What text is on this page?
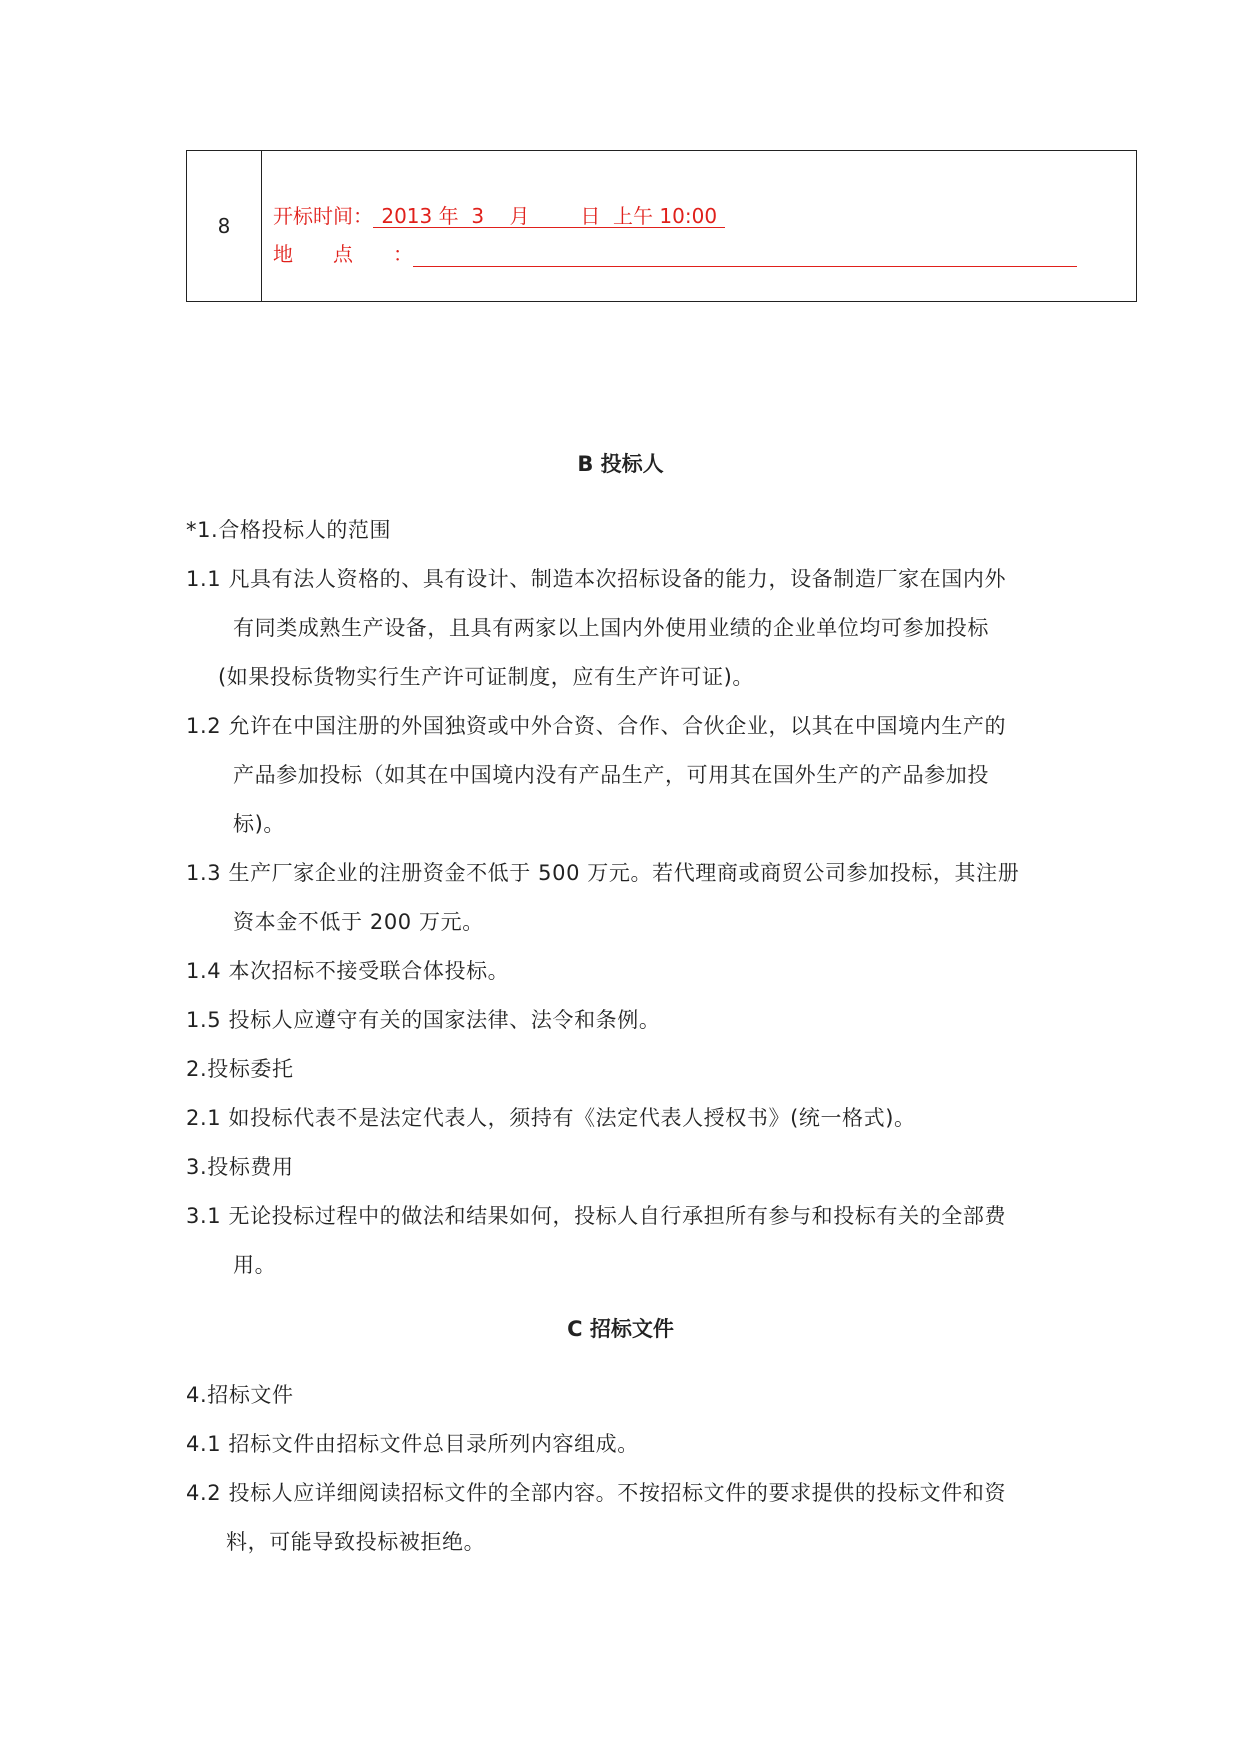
8	开标时间： 2013 年  3    月        日  上午 10:00
地点：
B 投标人
*1.合格投标人的范围
1.1 凡具有法人资格的、具有设计、制造本次招标设备的能力，设备制造厂家在国内外
有同类成熟生产设备，且具有两家以上国内外使用业绩的企业单位均可参加投标
(如果投标货物实行生产许可证制度，应有生产许可证)。
1.2 允许在中国注册的外国独资或中外合资、合作、合伙企业，以其在中国境内生产的
产品参加投标（如其在中国境内没有产品生产，可用其在国外生产的产品参加投
标)。
1.3 生产厂家企业的注册资金不低于 500 万元。若代理商或商贸公司参加投标，其注册
资本金不低于 200 万元。
1.4 本次招标不接受联合体投标。
1.5 投标人应遵守有关的国家法律、法令和条例。
2.投标委托
2.1 如投标代表不是法定代表人，须持有《法定代表人授权书》(统一格式)。
3.投标费用
3.1 无论投标过程中的做法和结果如何，投标人自行承担所有参与和投标有关的全部费
用。
C 招标文件
4.招标文件
4.1 招标文件由招标文件总目录所列内容组成。
4.2 投标人应详细阅读招标文件的全部内容。不按招标文件的要求提供的投标文件和资
料，可能导致投标被拒绝。
